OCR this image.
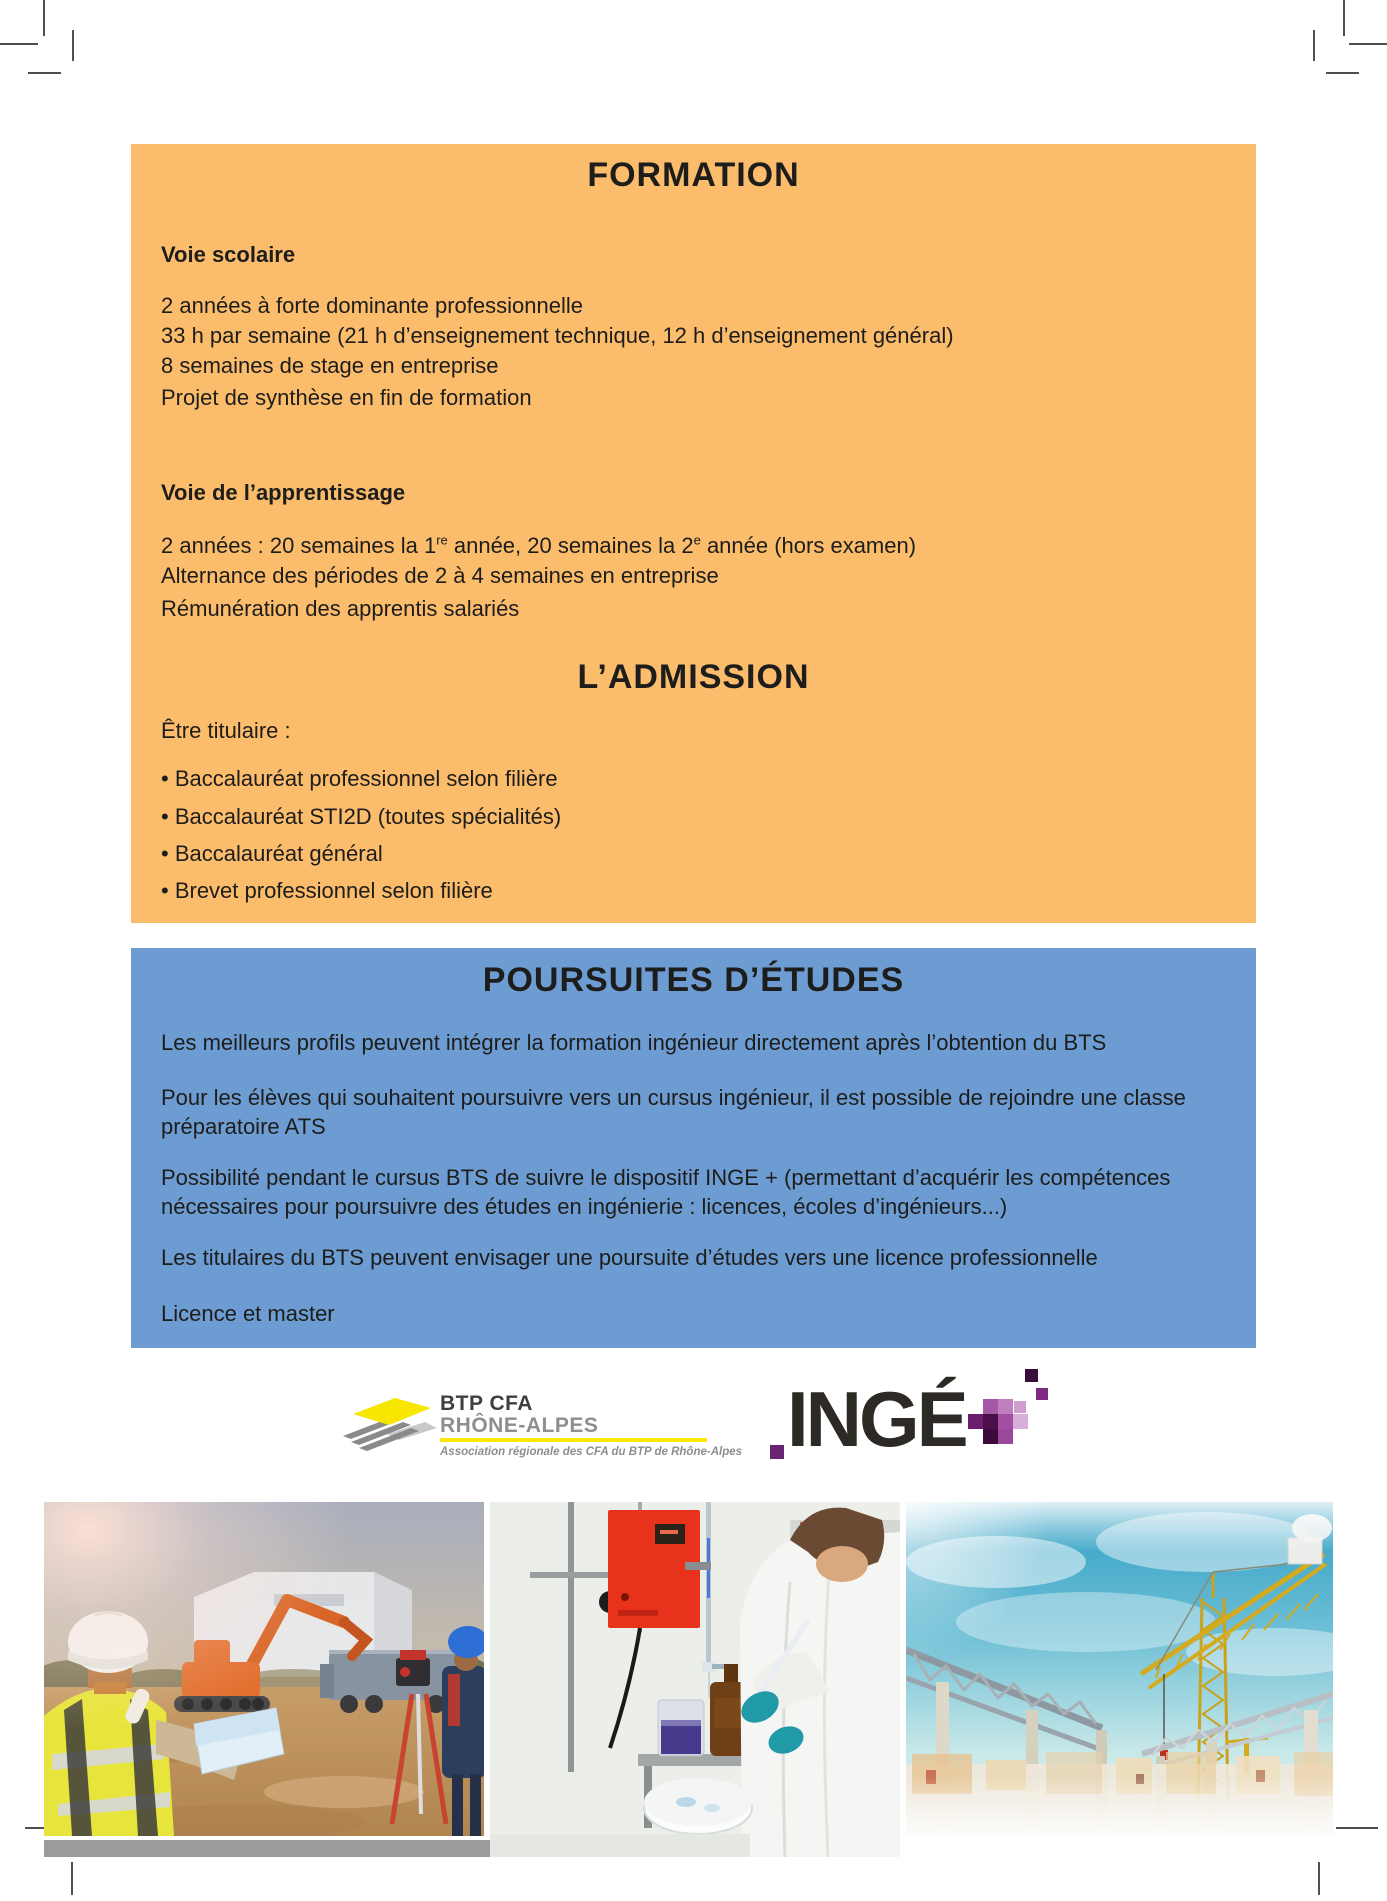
FORMATION
Voie scolaire
2 années à forte dominante professionnelle
33 h par semaine (21 h d’enseignement technique, 12 h d’enseignement général)
8 semaines de stage en entreprise
Projet de synthèse en fin de formation
Voie de l’apprentissage
2 années : 20 semaines la 1re année, 20 semaines la 2e année (hors examen)
Alternance des périodes de 2 à 4 semaines en entreprise
Rémunération des apprentis salariés
L’ADMISSION
Être titulaire :
• Baccalauréat professionnel selon filière
• Baccalauréat STI2D (toutes spécialités)
• Baccalauréat général
• Brevet professionnel selon filière
POURSUITES D’ÉTUDES
Les meilleurs profils peuvent intégrer la formation ingénieur directement après l’obtention du BTS
Pour les élèves qui souhaitent poursuivre vers un cursus ingénieur, il est possible de rejoindre une classe
préparatoire ATS
Possibilité pendant le cursus BTS de suivre le dispositif INGE + (permettant d’acquérir les compétences
nécessaires pour poursuivre des études en ingénierie : licences, écoles d’ingénieurs...)
Les titulaires du BTS peuvent envisager une poursuite d’études vers une licence professionnelle
Licence et master
BTP CFA
RHÔNE-ALPES
Association régionale des CFA du BTP de Rhône-Alpes INGÉ
